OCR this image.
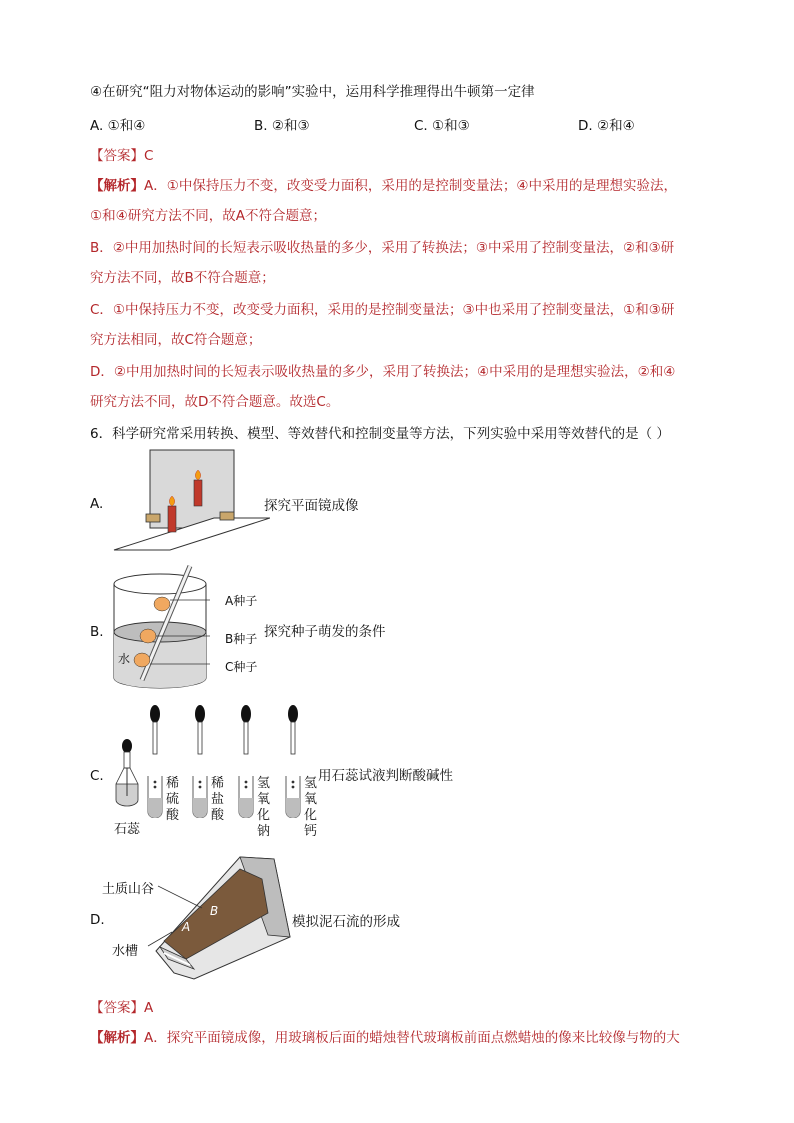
④在研究“阻力对物体运动的影响”实验中，运用科学推理得出牛顿第一定律
A. ①和④	B. ②和③	C. ①和③	D. ②和④
【答案】C
【解析】A．①中保持压力不变，改变受力面积，采用的是控制变量法；④中采用的是理想实验法，
①和④研究方法不同，故A不符合题意；
B．②中用加热时间的长短表示吸收热量的多少，采用了转换法；③中采用了控制变量法，②和③研
究方法不同，故B不符合题意；
C．①中保持压力不变，改变受力面积，采用的是控制变量法；③中也采用了控制变量法，①和③研
究方法相同，故C符合题意；
D．②中用加热时间的长短表示吸收热量的多少，采用了转换法；④中采用的是理想实验法，②和④
研究方法不同，故D不符合题意。故选C。
6．科学研究常采用转换、模型、等效替代和控制变量等方法，下列实验中采用等效替代的是（ ）
A.	探究平面镜成像
B.
A种子
B种子
C种子
水
探究种子萌发的条件
C.
石蕊
稀硫酸
稀盐酸
氢氧化钠
氢氧化钙
用石蕊试液判断酸碱性
D.
土质山谷
水槽
A
B
模拟泥石流的形成
【答案】A
【解析】A．探究平面镜成像，用玻璃板后面的蜡烛替代玻璃板前面点燃蜡烛的像来比较像与物的大
